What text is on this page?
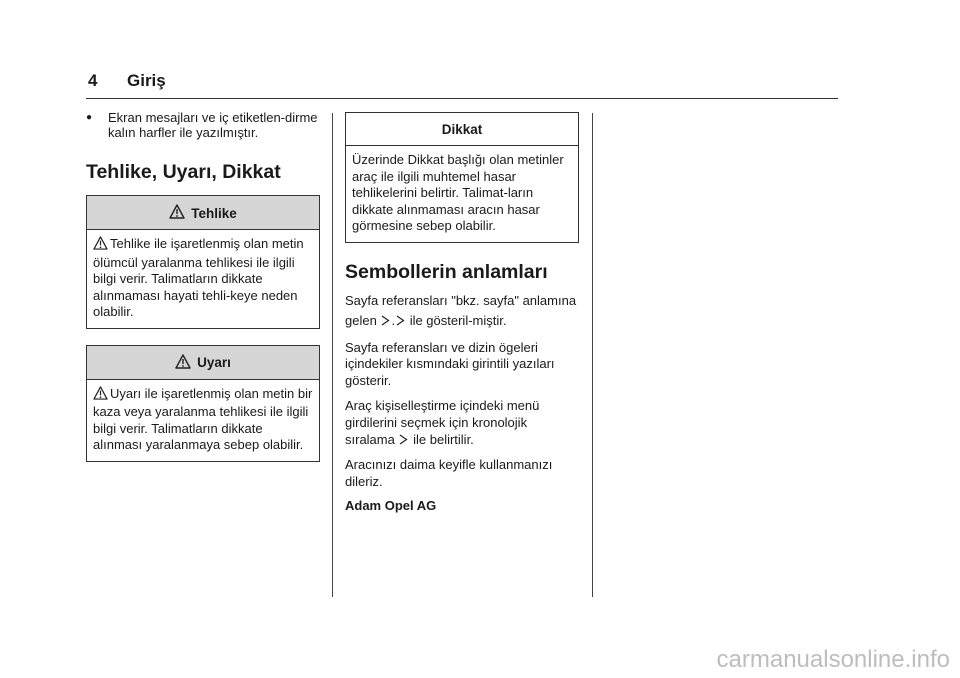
4 Giriş
●	Ekran mesajları ve iç etiketlen-dirme kalın harfler ile yazılmıştır.
Tehlike, Uyarı, Dikkat
Tehlike
Tehlike ile işaretlenmiş olan metin ölümcül yaralanma tehlikesi ile ilgili bilgi verir. Talimatların dikkate alınmaması hayati tehli-keye neden olabilir.
Uyarı
Uyarı ile işaretlenmiş olan metin bir kaza veya yaralanma tehlikesi ile ilgili bilgi verir. Talimatların dikkate alınması yaralanmaya sebep olabilir.
Dikkat
Üzerinde Dikkat başlığı olan metinler araç ile ilgili muhtemel hasar tehlikelerini belirtir. Talimat-ların dikkate alınmaması aracın hasar görmesine sebep olabilir.
Sembollerin anlamları

Sayfa referansları "bkz. sayfa" anlamına gelen . ile gösteril-miştir.

Sayfa referansları ve dizin ögeleri içindekiler kısmındaki girintili yazıları gösterir.

Araç kişiselleştirme içindeki menü girdilerini seçmek için kronolojik sıralama ile belirtilir.

Aracınızı daima keyifle kullanmanızı dileriz.

Adam Opel AG

carmanualsonline.info
